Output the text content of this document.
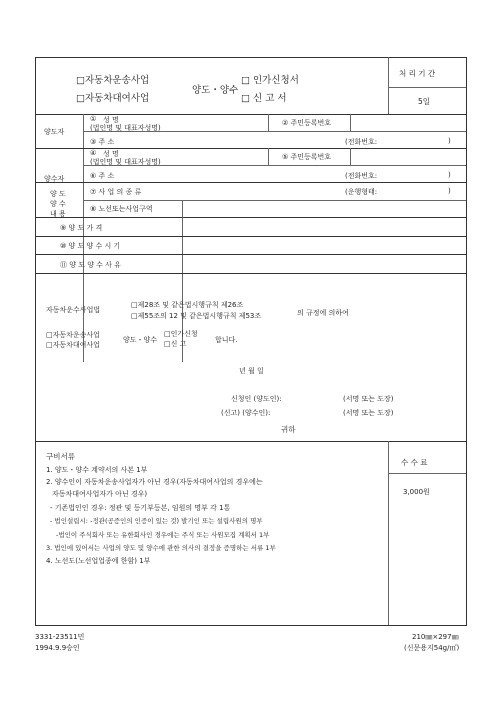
□자동차운송사업
□자동차대여사업
양도・양수
□ 인가신청서
□ 신 고 서
처 리 기 간
5일
양도자
① 성 명
(법인명 및 대표자성명)
② 주민등록번호
③ 주 소	(전화번호:	)
양수자
④ 성 명
(법인명 및 대표자성명)
⑤ 주민등록번호
⑥ 주 소	(전화번호:	)
양 도
양 수
내 용
⑦ 사 업 의 종 류	(운행형태:	)
⑧ 노선또는사업구역
⑨ 양 도 가 격
⑩ 양 도 양 수 시 기
⑪ 양 도 양 수 사 유
자동차운수사업법
□제28조 및 같은법시행규칙 제26조
□제55조의 12 및 같은법시행규칙 제53조	의 규정에 의하여
□자동차운송사업
□자동차대여사업
양도・양수
□인가신청
□신 고	합니다.
년 월 일
신청인 (양도인):	(서명 또는 도장)
(신고) (양수인):	(서명 또는 도장)
귀하
구비서류
1. 양도・양수 계약서의 사본 1부
2. 양수인이 자동차운송사업자가 아닌 경우(자동차대여사업의 경우에는
자동차대여사업자가 아닌 경우)
- 기존법인인 경우: 정관 및 등기부등본, 임원의 명부 각 1통
- 법인설립시: -정관(공증인의 인증이 있는 것) 발기인 또는 설립사원의 명부
-법인이 주식회사 또는 유한회사인 경우에는 주식 또는 사원모집 계획서 1부
3. 법인에 있어서는 사업의 양도 및 양수에 관한 의사의 결정을 증명하는 서류 1부
4. 노선도(노선업업종에 한함) 1부
수 수 료
3,000원
3331-23511민
1994.9.9승인
210㎜×297㎜
(신문용지54g/㎡)
